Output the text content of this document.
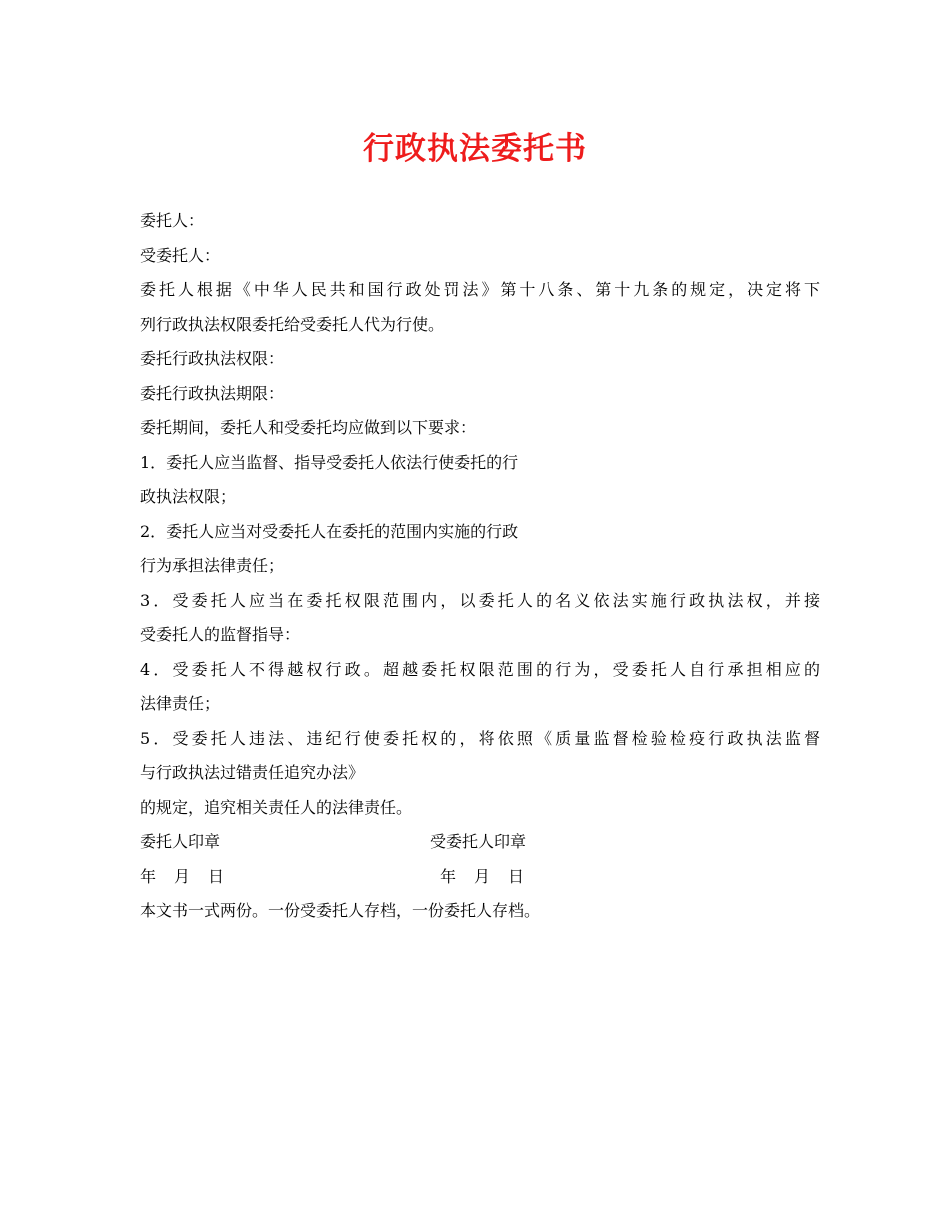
行政执法委托书
委托人：
受委托人：
委托人根据《中华人民共和国行政处罚法》第十八条、第十九条的规定，决定将下
列行政执法权限委托给受委托人代为行使。
委托行政执法权限：
委托行政执法期限：
委托期间，委托人和受委托均应做到以下要求：
1．委托人应当监督、指导受委托人依法行使委托的行
政执法权限；
2．委托人应当对受委托人在委托的范围内实施的行政
行为承担法律责任；
3．受委托人应当在委托权限范围内，以委托人的名义依法实施行政执法权，并接
受委托人的监督指导：
4．受委托人不得越权行政。超越委托权限范围的行为，受委托人自行承担相应的
法律责任；
5．受委托人违法、违纪行使委托权的，将依照《质量监督检验检疫行政执法监督
与行政执法过错责任追究办法》
的规定，追究相关责任人的法律责任。
委托人印章	受委托人印章
年 月 日	年 月 日
本文书一式两份。一份受委托人存档，一份委托人存档。
